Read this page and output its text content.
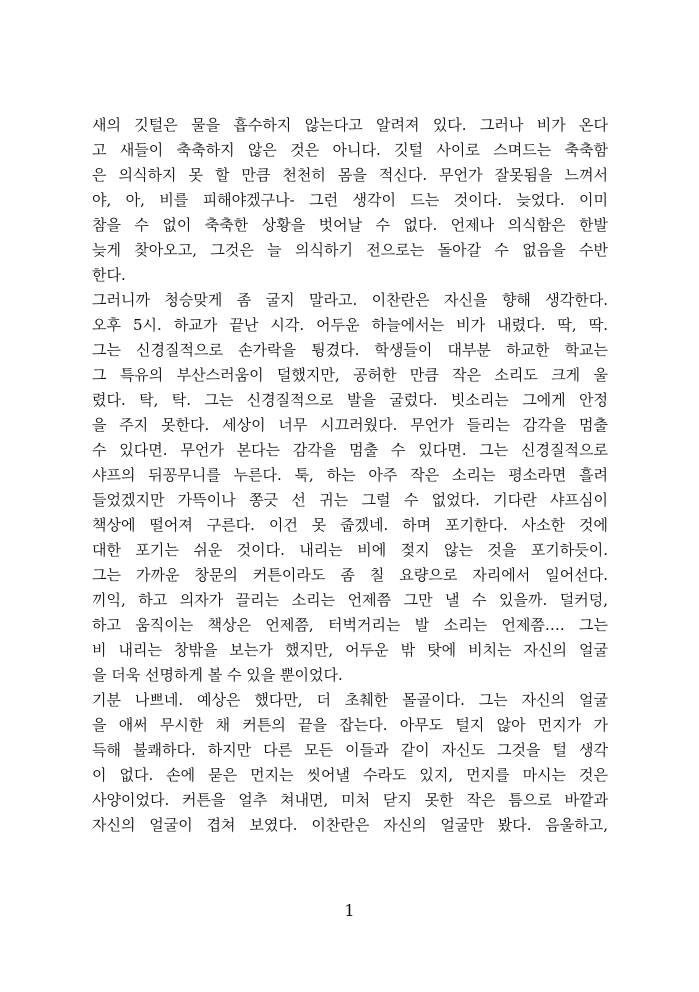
새의 깃털은 물을 흡수하지 않는다고 알려져 있다. 그러나 비가 온다
고 새들이 축축하지 않은 것은 아니다. 깃털 사이로 스며드는 축축함
은 의식하지 못 할 만큼 천천히 몸을 적신다. 무언가 잘못됨을 느껴서
야, 아, 비를 피해야겠구나- 그런 생각이 드는 것이다. 늦었다. 이미
참을 수 없이 축축한 상황을 벗어날 수 없다. 언제나 의식함은 한발
늦게 찾아오고, 그것은 늘 의식하기 전으로는 돌아갈 수 없음을 수반
한다.
그러니까 청승맞게 좀 굴지 말라고. 이찬란은 자신을 향해 생각한다.
오후 5시. 하교가 끝난 시각. 어두운 하늘에서는 비가 내렸다. 딱, 딱.
그는 신경질적으로 손가락을 튕겼다. 학생들이 대부분 하교한 학교는
그 특유의 부산스러움이 덜했지만, 공허한 만큼 작은 소리도 크게 울
렸다. 탁, 탁. 그는 신경질적으로 발을 굴렀다. 빗소리는 그에게 안정
을 주지 못한다. 세상이 너무 시끄러웠다. 무언가 들리는 감각을 멈출
수 있다면. 무언가 본다는 감각을 멈출 수 있다면. 그는 신경질적으로
샤프의 뒤꽁무니를 누른다. 툭, 하는 아주 작은 소리는 평소라면 흘려
들었겠지만 가뜩이나 쫑긋 선 귀는 그럴 수 없었다. 기다란 샤프심이
책상에 떨어져 구른다. 이건 못 줍겠네. 하며 포기한다. 사소한 것에
대한 포기는 쉬운 것이다. 내리는 비에 젖지 않는 것을 포기하듯이.
그는 가까운 창문의 커튼이라도 좀 칠 요량으로 자리에서 일어선다.
끼익, 하고 의자가 끌리는 소리는 언제쯤 그만 낼 수 있을까. 덜커덩,
하고 움직이는 책상은 언제쯤, 터벅거리는 발 소리는 언제쯤…. 그는
비 내리는 창밖을 보는가 했지만, 어두운 밖 탓에 비치는 자신의 얼굴
을 더욱 선명하게 볼 수 있을 뿐이었다.
기분 나쁘네. 예상은 했다만, 더 초췌한 몰골이다. 그는 자신의 얼굴
을 애써 무시한 채 커튼의 끝을 잡는다. 아무도 털지 않아 먼지가 가
득해 불쾌하다. 하지만 다른 모든 이들과 같이 자신도 그것을 털 생각
이 없다. 손에 묻은 먼지는 씻어낼 수라도 있지, 먼지를 마시는 것은
사양이었다. 커튼을 얼추 쳐내면, 미처 닫지 못한 작은 틈으로 바깥과
자신의 얼굴이 겹쳐 보였다. 이찬란은 자신의 얼굴만 봤다. 음울하고,
1
